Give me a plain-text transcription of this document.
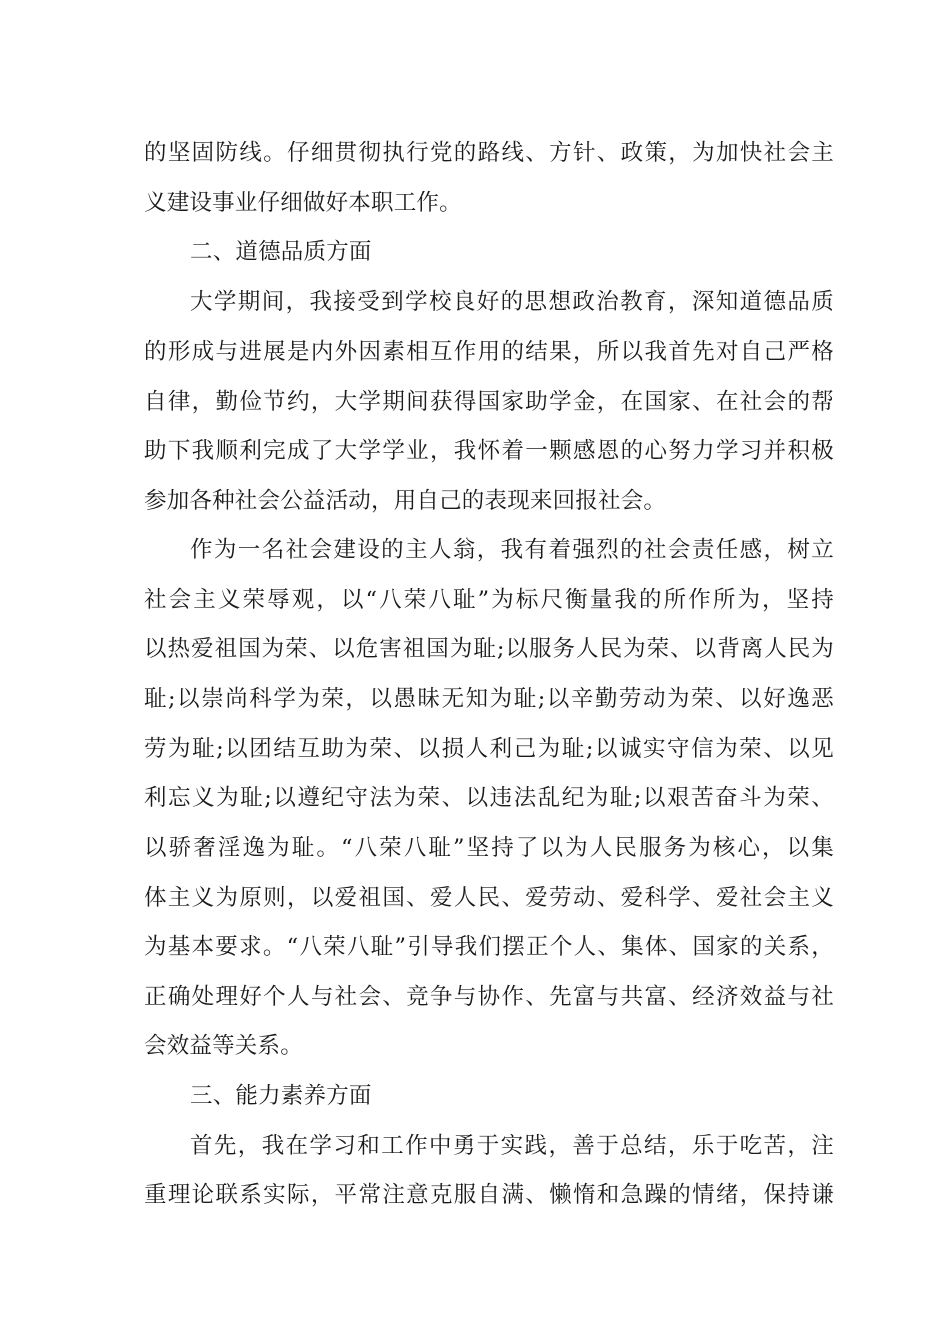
的坚固防线。仔细贯彻执行党的路线、方针、政策，为加快社会主
义建设事业仔细做好本职工作。
二、道德品质方面
大学期间，我接受到学校良好的思想政治教育，深知道德品质
的形成与进展是内外因素相互作用的结果，所以我首先对自己严格
自律，勤俭节约，大学期间获得国家助学金，在国家、在社会的帮
助下我顺利完成了大学学业，我怀着一颗感恩的心努力学习并积极
参加各种社会公益活动，用自己的表现来回报社会。
作为一名社会建设的主人翁，我有着强烈的社会责任感，树立
社会主义荣辱观，以“八荣八耻”为标尺衡量我的所作所为，坚持
以热爱祖国为荣、以危害祖国为耻;以服务人民为荣、以背离人民为
耻;以崇尚科学为荣，以愚昧无知为耻;以辛勤劳动为荣、以好逸恶
劳为耻;以团结互助为荣、以损人利己为耻;以诚实守信为荣、以见
利忘义为耻;以遵纪守法为荣、以违法乱纪为耻;以艰苦奋斗为荣、
以骄奢淫逸为耻。“八荣八耻”坚持了以为人民服务为核心，以集
体主义为原则，以爱祖国、爱人民、爱劳动、爱科学、爱社会主义
为基本要求。“八荣八耻”引导我们摆正个人、集体、国家的关系，
正确处理好个人与社会、竞争与协作、先富与共富、经济效益与社
会效益等关系。
三、能力素养方面
首先，我在学习和工作中勇于实践，善于总结，乐于吃苦，注
重理论联系实际，平常注意克服自满、懒惰和急躁的情绪，保持谦
